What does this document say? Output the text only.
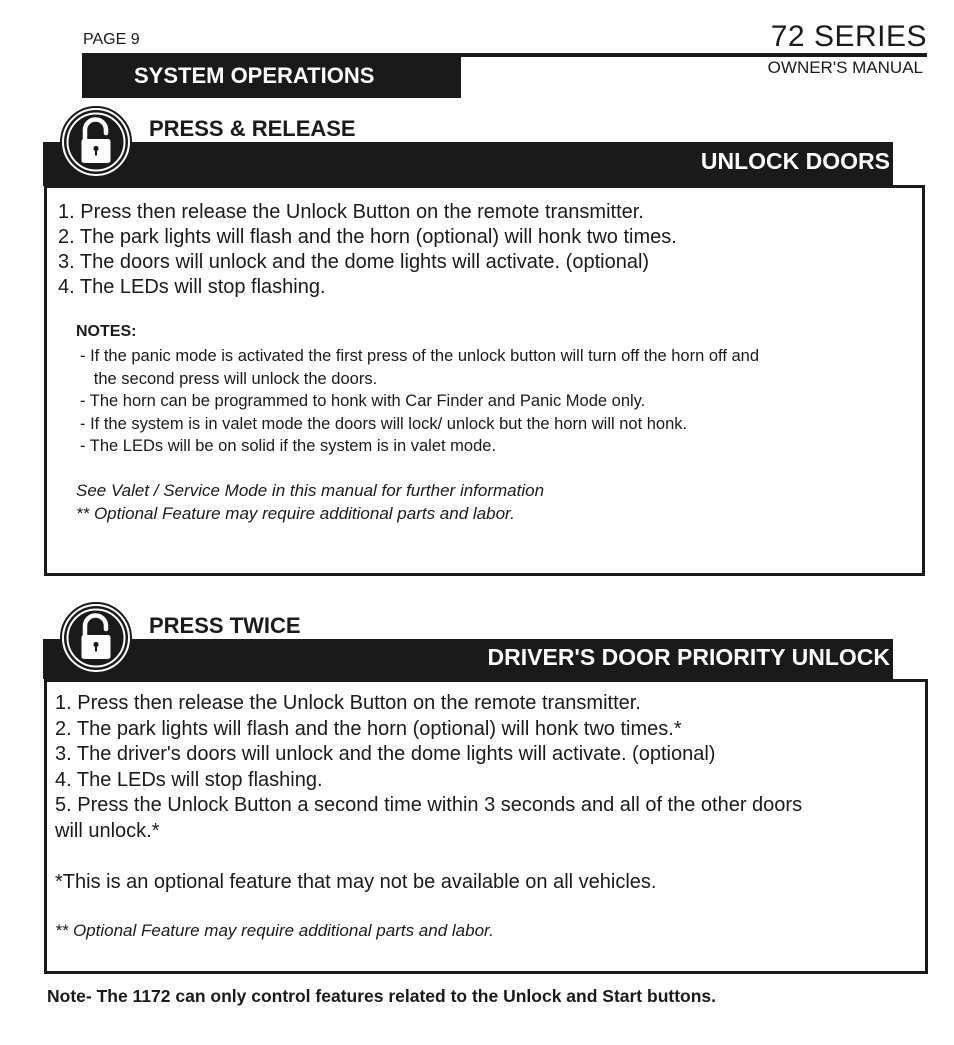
PAGE 9	72 SERIES
OWNER'S MANUAL
SYSTEM OPERATIONS
UNLOCK DOORS
PRESS & RELEASE
1. Press then release the Unlock Button on the remote transmitter.
2. The park lights will flash and the horn (optional) will honk two times.
3. The doors will unlock and the dome lights will activate. (optional)
4. The LEDs will stop flashing.
NOTES:
- If the panic mode is activated the first press of the unlock button will turn off the horn off and
the second press will unlock the doors.
- The horn can be programmed to honk with Car Finder and Panic Mode only.
- If the system is in valet mode the doors will lock/ unlock but the horn will not honk.
- The LEDs will be on solid if the system is in valet mode.
See Valet / Service Mode in this manual for further information
** Optional Feature may require additional parts and labor.
DRIVER'S DOOR PRIORITY UNLOCK
PRESS TWICE
1. Press then release the Unlock Button on the remote transmitter.
2. The park lights will flash and the horn (optional) will honk two times.*
3. The driver's doors will unlock and the dome lights will activate. (optional)
4. The LEDs will stop flashing.
5. Press the Unlock Button a second time within 3 seconds and all of the other doors
will unlock.*
*This is an optional feature that may not be available on all vehicles.
** Optional Feature may require additional parts and labor.
Note- The 1172 can only control features related to the Unlock and Start buttons.
